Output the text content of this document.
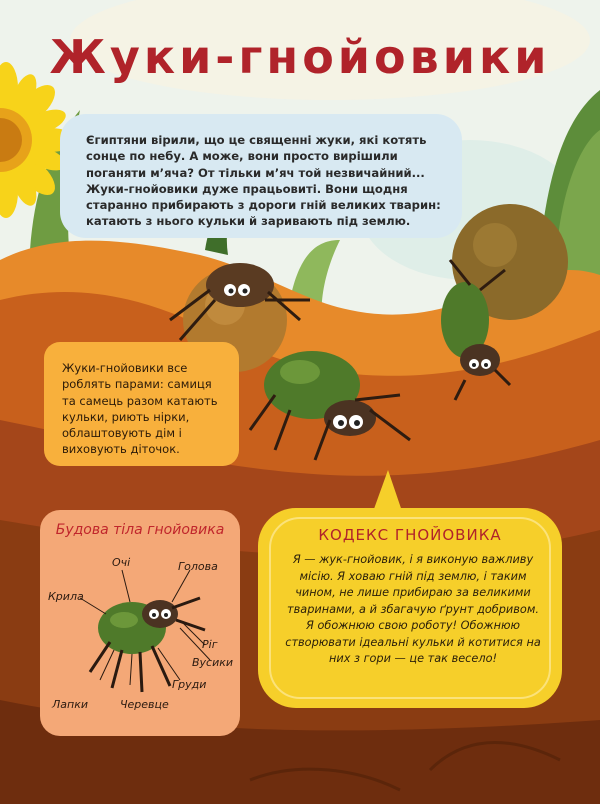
Жуки-гнойовики

Єгиптяни вірили, що це священні жуки, які котять сонце по небу. А може, вони просто вирішили поганяти м’яча? От тільки м’яч той незвичайний... Жуки-гнойовики дуже працьовиті. Вони щодня старанно прибирають з дороги гній великих тварин: катають з нього кульки й заривають під землю.

Жуки-гнойовики все роблять парами: самиця та самець разом катають кульки, риють нірки, облаштовують дім і виховують діточок.

Будова тіла гнойовика
Очі	Голова
Крила
Ріг
Вусики
Груди
Лапки	Черевце
КОДЕКС ГНОЙОВИКА
Я — жук-гнойовик, і я виконую важливу місію. Я ховаю гній під землю, і таким чином, не лише прибираю за великими тваринами, а й збагачую ґрунт добривом. Я обожнюю свою роботу! Обожнюю створювати ідеальні кульки й котитися на них з гори — це так весело!
